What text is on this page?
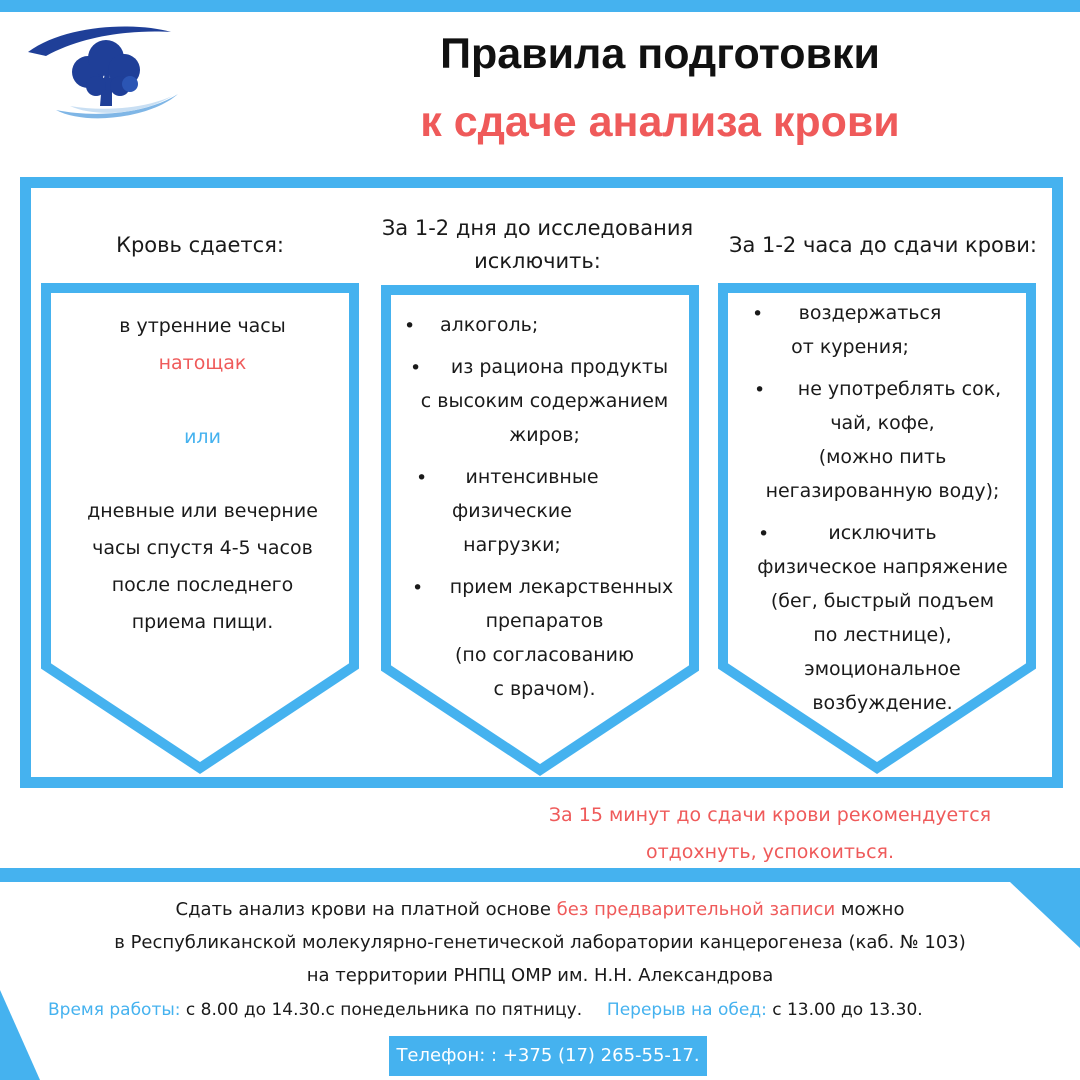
Правила подготовки
к сдаче анализа крови
Кровь сдается:
За 1-2 дня до исследования
исключить:
За 1-2 часа до сдачи крови:
в утренние часы
натощак
или
дневные или вечерние
часы спустя 4-5 часов
после последнего
приема пищи.
•	алкоголь;

•	из рациона продукты

с высоким содержанием

жиров;

•	интенсивные

физические

нагрузки;

•	прием лекарственных

препаратов

(по согласованию

с врачом).

•	воздержаться

от курения;

•	не употреблять сок,

чай, кофе,

(можно пить

негазированную воду);

•	исключить

физическое напряжение

(бег, быстрый подъем

по лестнице),

эмоциональное

возбуждение.

За 15 минут до сдачи крови рекомендуется
отдохнуть, успокоиться.
Сдать анализ крови на платной основе без предварительной записи можно
в Республиканской молекулярно-генетической лаборатории канцерогенеза (каб. № 103)
на территории РНПЦ ОМР им. Н.Н. Александрова
Время работы: с 8.00 до 14.30.с понедельника по пятницу. Перерыв на обед: с 13.00 до 13.30.
Телефон: : +375 (17) 265-55-17.
